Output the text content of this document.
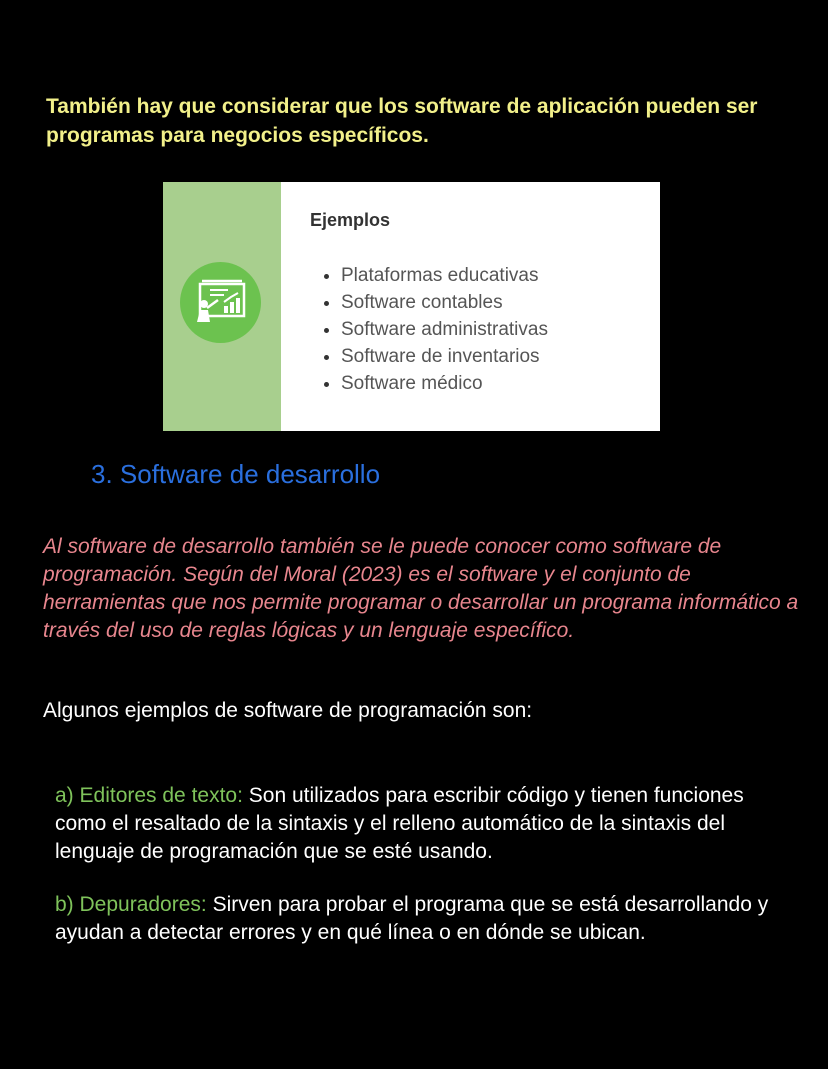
También hay que considerar que los software de aplicación pueden ser programas para negocios específicos.

Ejemplos

• Plataformas educativas
• Software contables
• Software administrativas
• Software de inventarios
• Software médico
3. Software de desarrollo

Al software de desarrollo también se le puede conocer como software de programación. Según del Moral (2023) es el software y el conjunto de herramientas que nos permite programar o desarrollar un programa informático a través del uso de reglas lógicas y un lenguaje específico.

Algunos ejemplos de software de programación son:

a) Editores de texto: Son utilizados para escribir código y tienen funciones como el resaltado de la sintaxis y el relleno automático de la sintaxis del lenguaje de programación que se esté usando.

b) Depuradores: Sirven para probar el programa que se está desarrollando y ayudan a detectar errores y en qué línea o en dónde se ubican.
